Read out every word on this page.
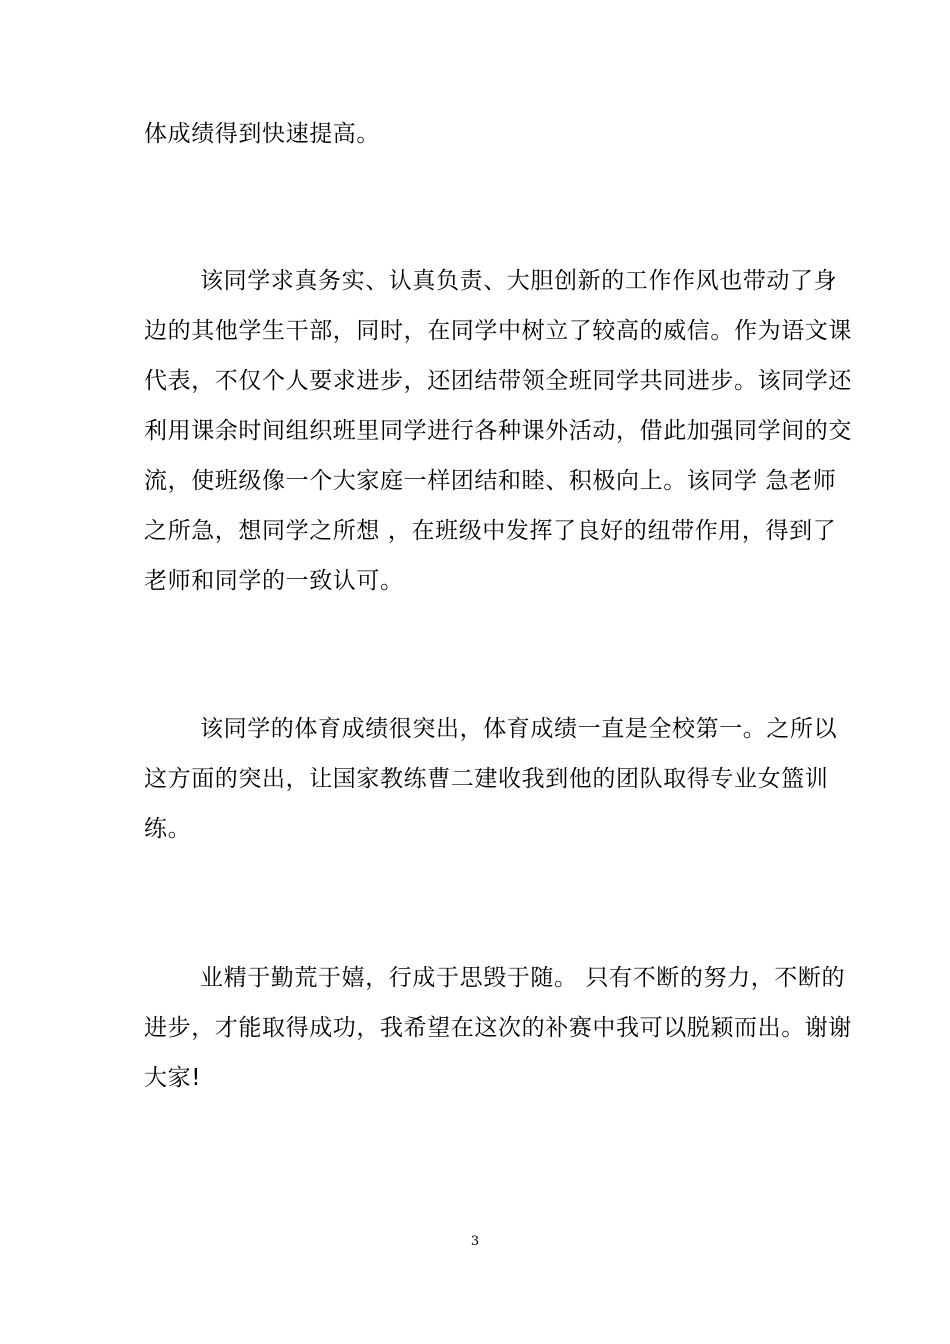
体成绩得到快速提高。
该同学求真务实、认真负责、大胆创新的工作作风也带动了身
边的其他学生干部，同时，在同学中树立了较高的威信。作为语文课
代表，不仅个人要求进步，还团结带领全班同学共同进步。该同学还
利用课余时间组织班里同学进行各种课外活动，借此加强同学间的交
流，使班级像一个大家庭一样团结和睦、积极向上。该同学 急老师
之所急，想同学之所想 ，在班级中发挥了良好的纽带作用，得到了
老师和同学的一致认可。
该同学的体育成绩很突出，体育成绩一直是全校第一。之所以
这方面的突出，让国家教练曹二建收我到他的团队取得专业女篮训
练。
业精于勤荒于嬉，行成于思毁于随。 只有不断的努力，不断的
进步，才能取得成功，我希望在这次的补赛中我可以脱颖而出。谢谢
大家!
3
